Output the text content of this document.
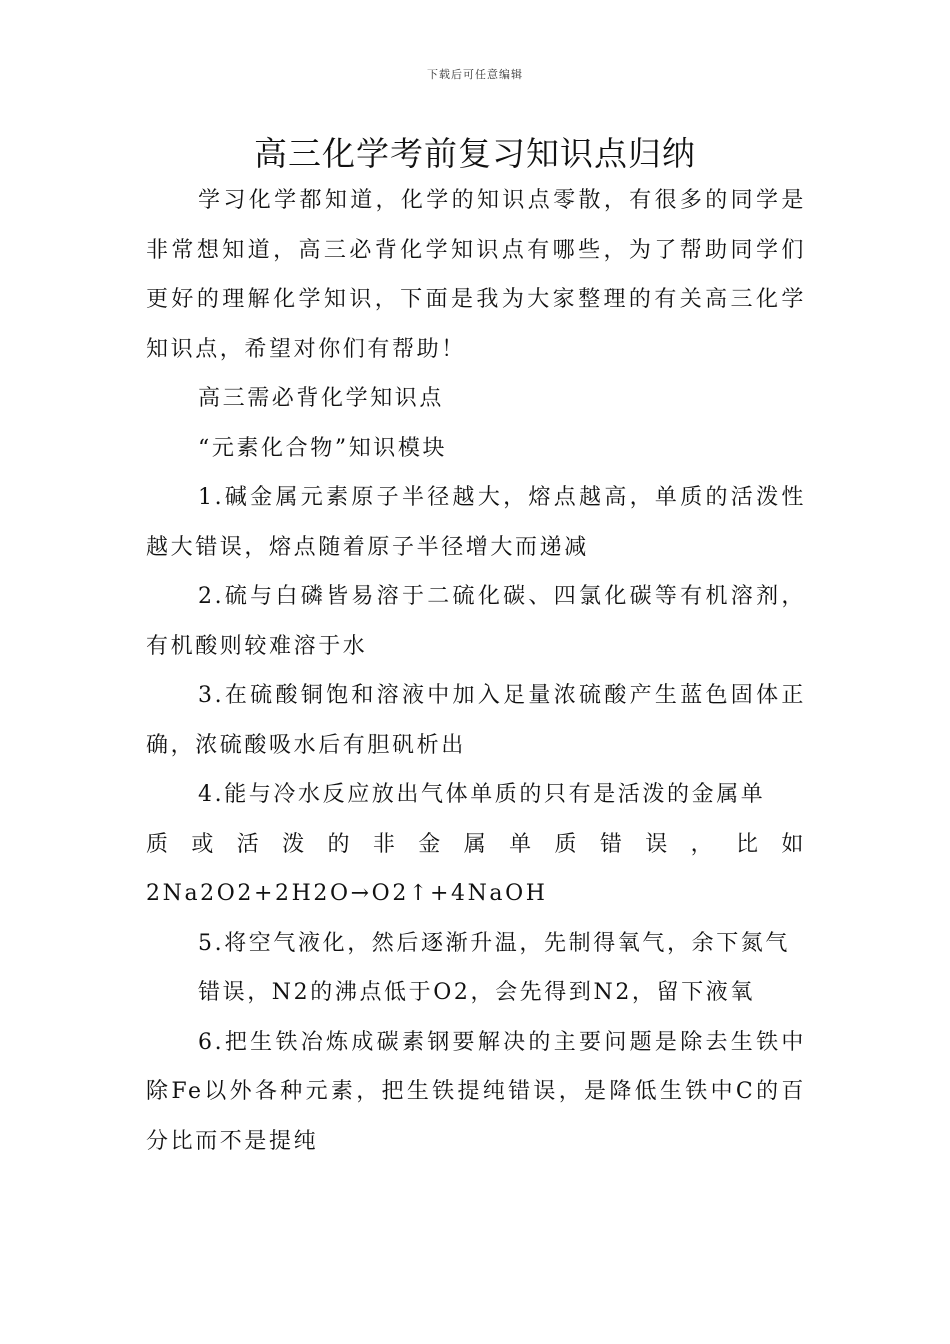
下载后可任意编辑
高三化学考前复习知识点归纳

学习化学都知道，化学的知识点零散，有很多的同学是非常想知道，高三必背化学知识点有哪些，为了帮助同学们更好的理解化学知识，下面是我为大家整理的有关高三化学知识点，希望对你们有帮助！

高三需必背化学知识点

“元素化合物”知识模块

1.碱金属元素原子半径越大，熔点越高，单质的活泼性越大错误，熔点随着原子半径增大而递减

2.硫与白磷皆易溶于二硫化碳、四氯化碳等有机溶剂，有机酸则较难溶于水

3.在硫酸铜饱和溶液中加入足量浓硫酸产生蓝色固体正确，浓硫酸吸水后有胆矾析出

4.能与冷水反应放出气体单质的只有是活泼的金属单

质或活泼的非金属单质错误，比如

2Na2O2+2H2O→O2↑+4NaOH

5.将空气液化，然后逐渐升温，先制得氧气，余下氮气

错误，N2的沸点低于O2，会先得到N2，留下液氧

6.把生铁冶炼成碳素钢要解决的主要问题是除去生铁中除Fe以外各种元素，把生铁提纯错误，是降低生铁中C的百分比而不是提纯
